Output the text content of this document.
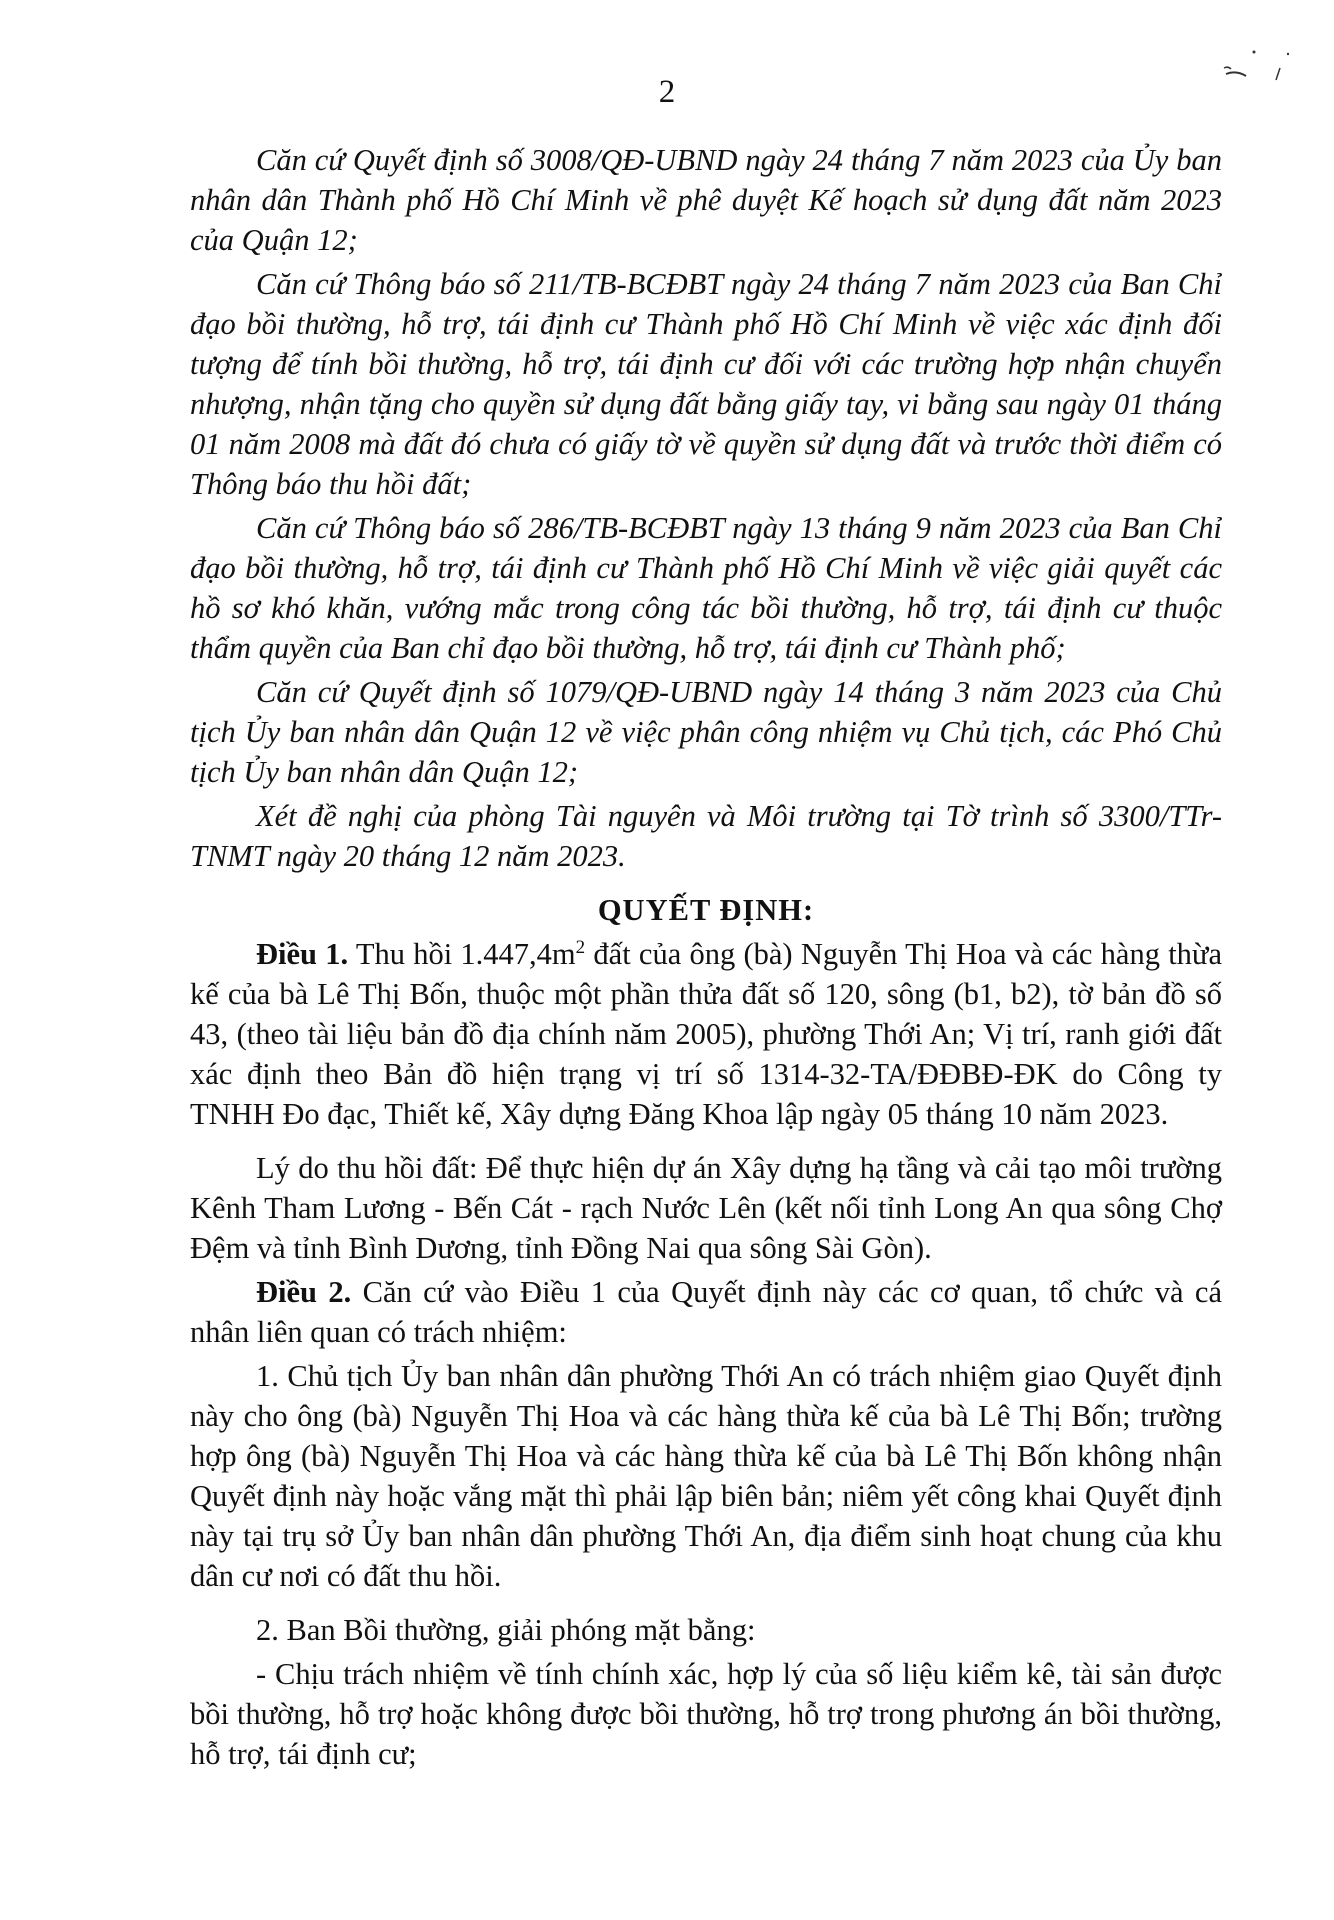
2

Căn cứ Quyết định số 3008/QĐ-UBND ngày 24 tháng 7 năm 2023 của Ủy ban nhân dân Thành phố Hồ Chí Minh về phê duyệt Kế hoạch sử dụng đất năm 2023 của Quận 12;

Căn cứ Thông báo số 211/TB-BCĐBT ngày 24 tháng 7 năm 2023 của Ban Chỉ đạo bồi thường, hỗ trợ, tái định cư Thành phố Hồ Chí Minh về việc xác định đối tượng để tính bồi thường, hỗ trợ, tái định cư đối với các trường hợp nhận chuyển nhượng, nhận tặng cho quyền sử dụng đất bằng giấy tay, vi bằng sau ngày 01 tháng 01 năm 2008 mà đất đó chưa có giấy tờ về quyền sử dụng đất và trước thời điểm có Thông báo thu hồi đất;

Căn cứ Thông báo số 286/TB-BCĐBT ngày 13 tháng 9 năm 2023 của Ban Chỉ đạo bồi thường, hỗ trợ, tái định cư Thành phố Hồ Chí Minh về việc giải quyết các hồ sơ khó khăn, vướng mắc trong công tác bồi thường, hỗ trợ, tái định cư thuộc thẩm quyền của Ban chỉ đạo bồi thường, hỗ trợ, tái định cư Thành phố;

Căn cứ Quyết định số 1079/QĐ-UBND ngày 14 tháng 3 năm 2023 của Chủ tịch Ủy ban nhân dân Quận 12 về việc phân công nhiệm vụ Chủ tịch, các Phó Chủ tịch Ủy ban nhân dân Quận 12;

Xét đề nghị của phòng Tài nguyên và Môi trường tại Tờ trình số 3300/TTr-TNMT ngày 20 tháng 12 năm 2023.

QUYẾT ĐỊNH:

Điều 1. Thu hồi $1.447,4m^2$ đất của ông (bà) Nguyễn Thị Hoa và các hàng thừa kế của bà Lê Thị Bốn, thuộc một phần thửa đất số 120, sông (b1, b2), tờ bản đồ số 43, (theo tài liệu bản đồ địa chính năm 2005), phường Thới An; Vị trí, ranh giới đất xác định theo Bản đồ hiện trạng vị trí số 1314-32-TA/ĐĐBĐ-ĐK do Công ty TNHH Đo đạc, Thiết kế, Xây dựng Đăng Khoa lập ngày 05 tháng 10 năm 2023.

Lý do thu hồi đất: Để thực hiện dự án Xây dựng hạ tầng và cải tạo môi trường Kênh Tham Lương - Bến Cát - rạch Nước Lên (kết nối tỉnh Long An qua sông Chợ Đệm và tỉnh Bình Dương, tỉnh Đồng Nai qua sông Sài Gòn).

Điều 2. Căn cứ vào Điều 1 của Quyết định này các cơ quan, tổ chức và cá nhân liên quan có trách nhiệm:

1. Chủ tịch Ủy ban nhân dân phường Thới An có trách nhiệm giao Quyết định này cho ông (bà) Nguyễn Thị Hoa và các hàng thừa kế của bà Lê Thị Bốn; trường hợp ông (bà) Nguyễn Thị Hoa và các hàng thừa kế của bà Lê Thị Bốn không nhận Quyết định này hoặc vắng mặt thì phải lập biên bản; niêm yết công khai Quyết định này tại trụ sở Ủy ban nhân dân phường Thới An, địa điểm sinh hoạt chung của khu dân cư nơi có đất thu hồi.

2. Ban Bồi thường, giải phóng mặt bằng:

- Chịu trách nhiệm về tính chính xác, hợp lý của số liệu kiểm kê, tài sản được bồi thường, hỗ trợ hoặc không được bồi thường, hỗ trợ trong phương án bồi thường, hỗ trợ, tái định cư;
